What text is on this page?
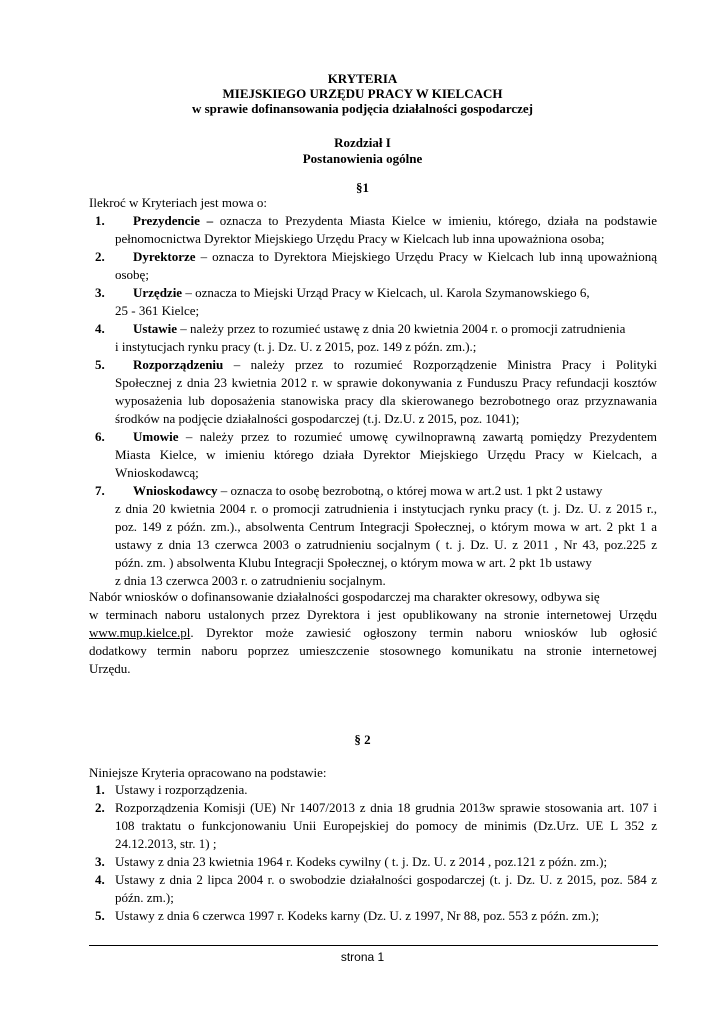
KRYTERIA
MIEJSKIEGO URZĘDU PRACY W KIELCACH
w sprawie dofinansowania podjęcia działalności gospodarczej
Rozdział I
Postanowienia ogólne
§1
Ilekroć w Kryteriach jest mowa o:
1. Prezydencie – oznacza to Prezydenta Miasta Kielce w imieniu, którego, działa na podstawie
pełnomocnictwa Dyrektor Miejskiego Urzędu Pracy w Kielcach lub inna upoważniona osoba;
2. Dyrektorze – oznacza to Dyrektora Miejskiego Urzędu Pracy w Kielcach lub inną upoważnioną
osobę;
3. Urzędzie – oznacza to Miejski Urząd Pracy w Kielcach, ul. Karola Szymanowskiego 6,
25 - 361 Kielce;
4. Ustawie – należy przez to rozumieć ustawę z dnia 20 kwietnia 2004 r. o promocji zatrudnienia
i instytucjach rynku pracy (t. j. Dz. U. z 2015, poz. 149 z późn. zm.).;
5. Rozporządzeniu – należy przez to rozumieć Rozporządzenie Ministra Pracy i Polityki
Społecznej z dnia 23 kwietnia 2012 r. w sprawie dokonywania z Funduszu Pracy refundacji kosztów
wyposażenia lub doposażenia stanowiska pracy dla skierowanego bezrobotnego oraz przyznawania
środków na podjęcie działalności gospodarczej (t.j. Dz.U. z 2015, poz. 1041);
6. Umowie – należy przez to rozumieć umowę cywilnoprawną zawartą pomiędzy Prezydentem
Miasta Kielce, w imieniu którego działa Dyrektor Miejskiego Urzędu Pracy w Kielcach, a
Wnioskodawcą;
7. Wnioskodawcy – oznacza to osobę bezrobotną, o której mowa w art.2 ust. 1 pkt 2 ustawy
z dnia 20 kwietnia 2004 r. o promocji zatrudnienia i instytucjach rynku pracy (t. j. Dz. U. z 2015 r.,
poz. 149 z późn. zm.)., absolwenta Centrum Integracji Społecznej, o którym mowa w art. 2 pkt 1 a
ustawy z dnia 13 czerwca 2003 o zatrudnieniu socjalnym ( t. j. Dz. U. z 2011 , Nr 43, poz.225 z
późn. zm. ) absolwenta Klubu Integracji Społecznej, o którym mowa w art. 2 pkt 1b ustawy
z dnia 13 czerwca 2003 r. o zatrudnieniu socjalnym.
Nabór wniosków o dofinansowanie działalności gospodarczej ma charakter okresowy, odbywa się
w terminach naboru ustalonych przez Dyrektora i jest opublikowany na stronie internetowej Urzędu
www.mup.kielce.pl. Dyrektor może zawiesić ogłoszony termin naboru wniosków lub ogłosić
dodatkowy termin naboru poprzez umieszczenie stosownego komunikatu na stronie internetowej
Urzędu.
§ 2
Niniejsze Kryteria opracowano na podstawie:
1. Ustawy i rozporządzenia.
2. Rozporządzenia Komisji (UE) Nr 1407/2013 z dnia 18 grudnia 2013w sprawie stosowania art. 107 i
108 traktatu o funkcjonowaniu Unii Europejskiej do pomocy de minimis (Dz.Urz. UE L 352 z
24.12.2013, str. 1) ;
3. Ustawy z dnia 23 kwietnia 1964 r. Kodeks cywilny ( t. j. Dz. U. z 2014 , poz.121 z późn. zm.);
4. Ustawy z dnia 2 lipca 2004 r. o swobodzie działalności gospodarczej (t. j. Dz. U. z 2015, poz. 584 z
późn. zm.);
5. Ustawy z dnia 6 czerwca 1997 r. Kodeks karny (Dz. U. z 1997, Nr 88, poz. 553 z późn. zm.);
strona 1
